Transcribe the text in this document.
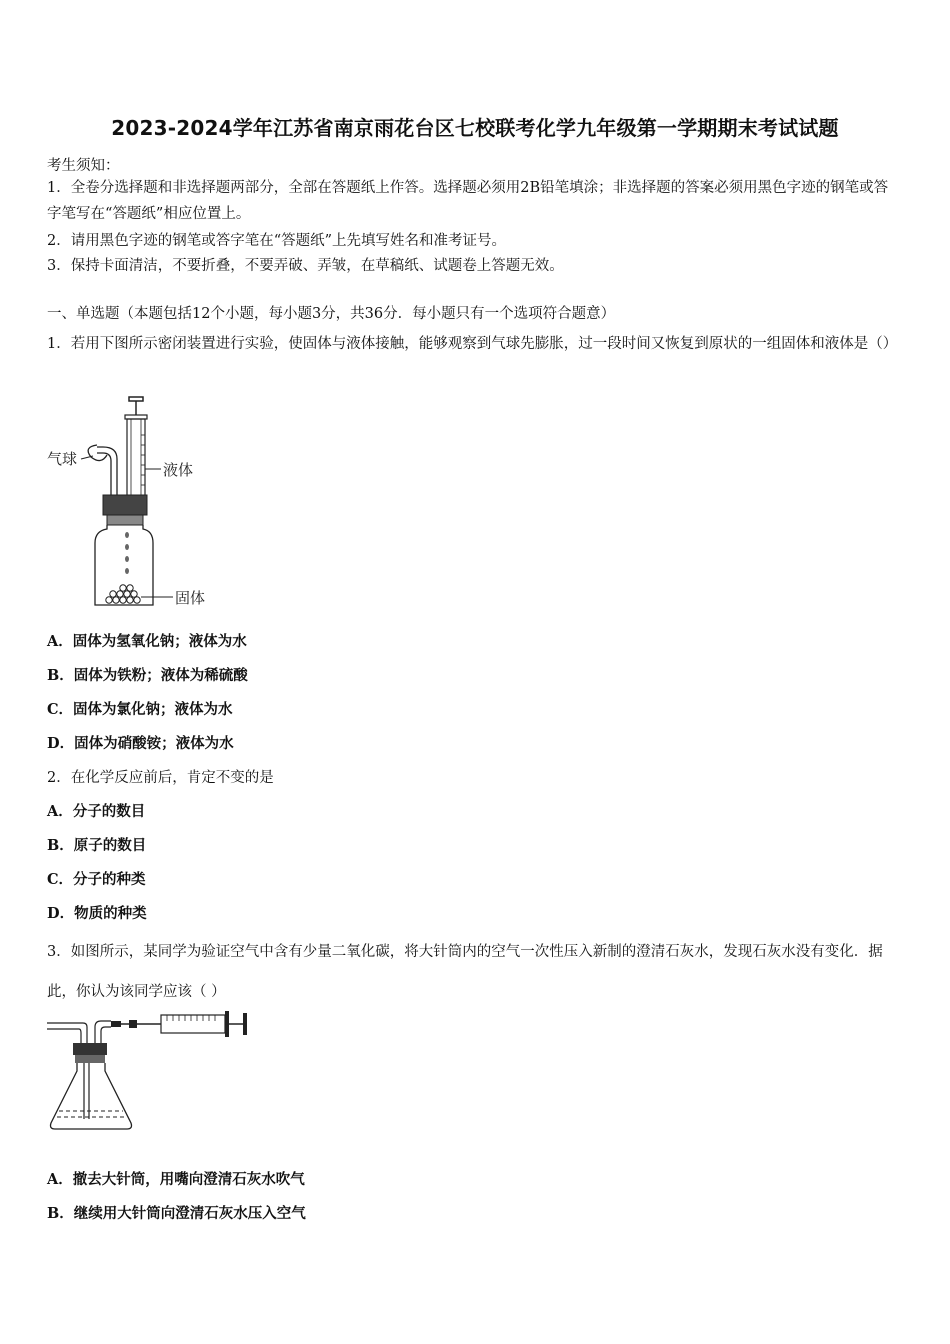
2023-2024学年江苏省南京雨花台区七校联考化学九年级第一学期期末考试试题
考生须知：
1．全卷分选择题和非选择题两部分，全部在答题纸上作答。选择题必须用2B铅笔填涂；非选择题的答案必须用黑色字迹的钢笔或答字笔写在“答题纸”相应位置上。
2．请用黑色字迹的钢笔或答字笔在“答题纸”上先填写姓名和准考证号。
3．保持卡面清洁，不要折叠，不要弄破、弄皱，在草稿纸、试题卷上答题无效。
一、单选题（本题包括12个小题，每小题3分，共36分．每小题只有一个选项符合题意）
1．若用下图所示密闭装置进行实验，使固体与液体接触，能够观察到气球先膨胀，过一段时间又恢复到原状的一组固体和液体是（）
气球
液体
固体
A．固体为氢氧化钠；液体为水
B．固体为铁粉；液体为稀硫酸
C．固体为氯化钠；液体为水
D．固体为硝酸铵；液体为水
2．在化学反应前后，肯定不变的是
A．分子的数目
B．原子的数目
C．分子的种类
D．物质的种类
3．如图所示，某同学为验证空气中含有少量二氧化碳，将大针筒内的空气一次性压入新制的澄清石灰水，发现石灰水没有变化．据此，你认为该同学应该（ ）
A．撤去大针筒，用嘴向澄清石灰水吹气
B．继续用大针筒向澄清石灰水压入空气
